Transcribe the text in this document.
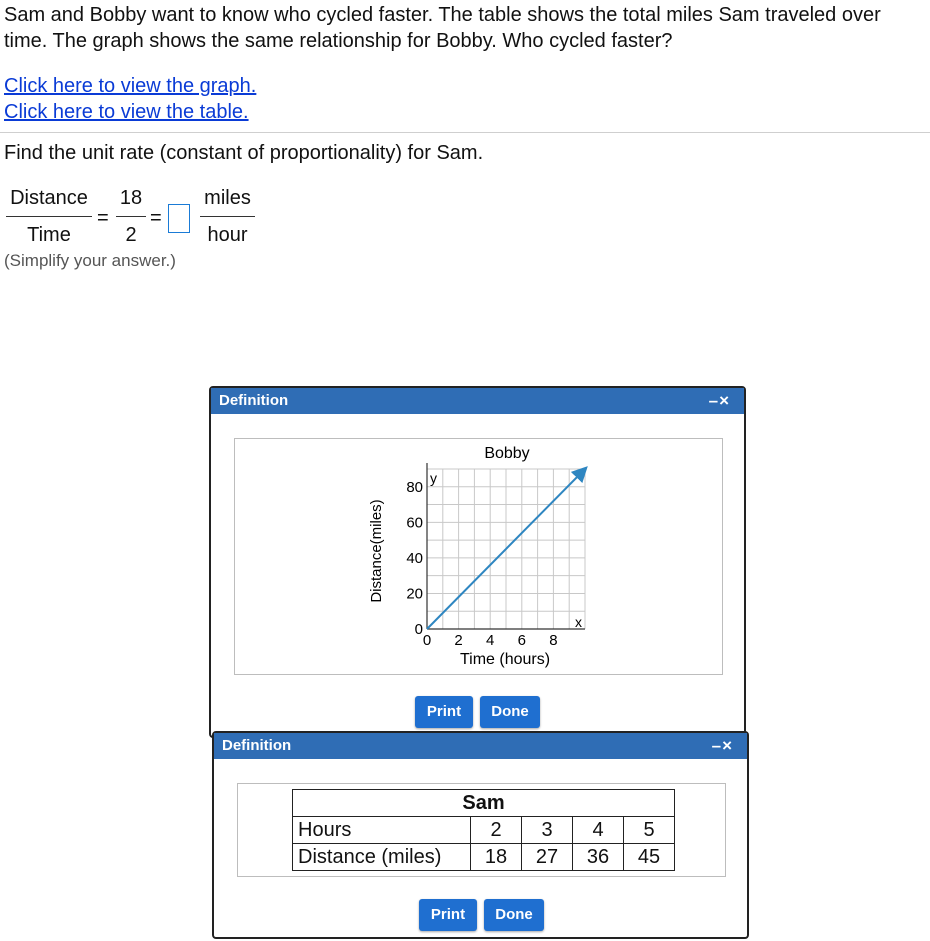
Sam and Bobby want to know who cycled faster. The table shows the total miles Sam traveled over time. The graph shows the same relationship for Bobby. Who cycled faster?
Click here to view the graph.
Click here to view the table.
Find the unit rate (constant of proportionality) for Sam.
Distance
Time
= $\frac{18}{2}$ =
miles
hour
(Simplify your answer.)
Definition	–×
Bobby
0 2 4 6 8
0
20
40
60
80
x
y
Time (hours)
Distance(miles)
Print	Done
Definition	–×
Sam				
Hours	2	3	4	5
Distance (miles)	18	27	36	45
Print	Done
